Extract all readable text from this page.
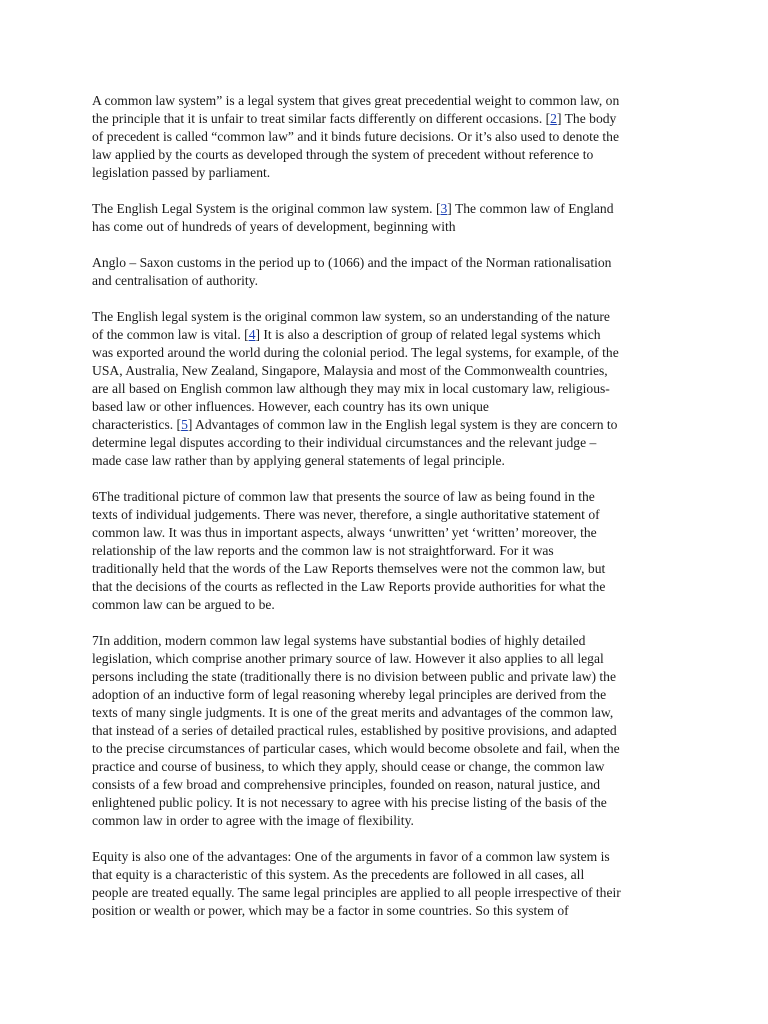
A common law system” is a legal system that gives great precedential weight to common law, on
the principle that it is unfair to treat similar facts differently on different occasions. [2] The body
of precedent is called “common law” and it binds future decisions. Or it’s also used to denote the
law applied by the courts as developed through the system of precedent without reference to
legislation passed by parliament.

The English Legal System is the original common law system. [3] The common law of England
has come out of hundreds of years of development, beginning with

Anglo – Saxon customs in the period up to (1066) and the impact of the Norman rationalisation
and centralisation of authority.

The English legal system is the original common law system, so an understanding of the nature
of the common law is vital. [4] It is also a description of group of related legal systems which
was exported around the world during the colonial period. The legal systems, for example, of the
USA, Australia, New Zealand, Singapore, Malaysia and most of the Commonwealth countries,
are all based on English common law although they may mix in local customary law, religious-
based law or other influences. However, each country has its own unique
characteristics. [5] Advantages of common law in the English legal system is they are concern to
determine legal disputes according to their individual circumstances and the relevant judge –
made case law rather than by applying general statements of legal principle.

6The traditional picture of common law that presents the source of law as being found in the
texts of individual judgements. There was never, therefore, a single authoritative statement of
common law. It was thus in important aspects, always ‘unwritten’ yet ‘written’ moreover, the
relationship of the law reports and the common law is not straightforward. For it was
traditionally held that the words of the Law Reports themselves were not the common law, but
that the decisions of the courts as reflected in the Law Reports provide authorities for what the
common law can be argued to be.

7In addition, modern common law legal systems have substantial bodies of highly detailed
legislation, which comprise another primary source of law. However it also applies to all legal
persons including the state (traditionally there is no division between public and private law) the
adoption of an inductive form of legal reasoning whereby legal principles are derived from the
texts of many single judgments. It is one of the great merits and advantages of the common law,
that instead of a series of detailed practical rules, established by positive provisions, and adapted
to the precise circumstances of particular cases, which would become obsolete and fail, when the
practice and course of business, to which they apply, should cease or change, the common law
consists of a few broad and comprehensive principles, founded on reason, natural justice, and
enlightened public policy. It is not necessary to agree with his precise listing of the basis of the
common law in order to agree with the image of flexibility.

Equity is also one of the advantages: One of the arguments in favor of a common law system is
that equity is a characteristic of this system. As the precedents are followed in all cases, all
people are treated equally. The same legal principles are applied to all people irrespective of their
position or wealth or power, which may be a factor in some countries. So this system of
